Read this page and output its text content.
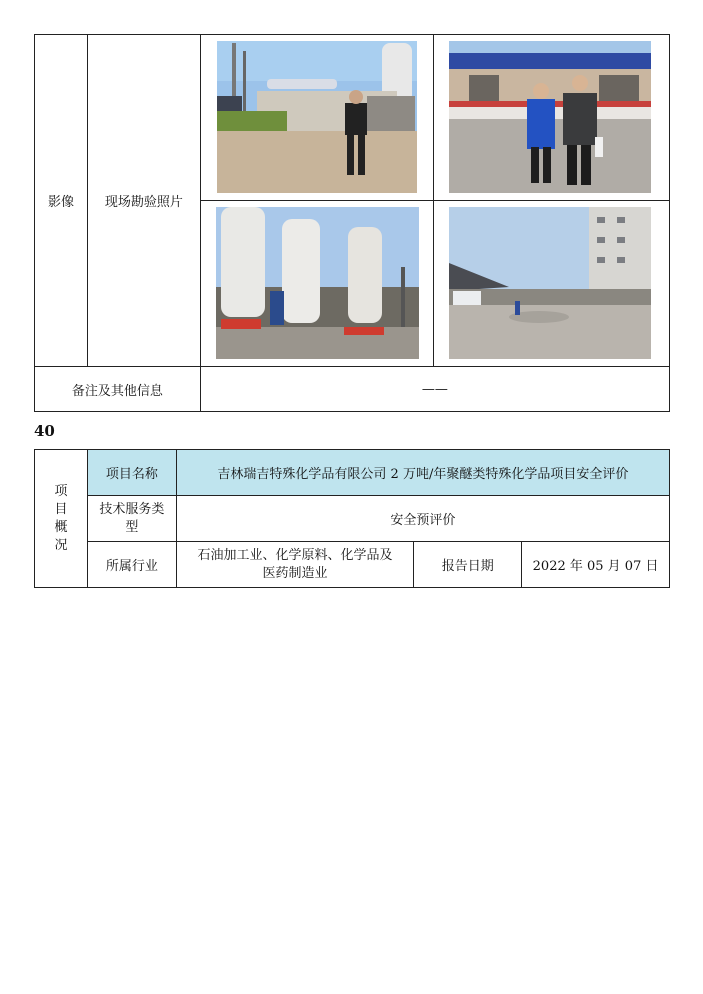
影像	现场勘验照片	

备注及其他信息		——	
40
项
目
概
况	项目名称	吉林瑞吉特殊化学品有限公司 2 万吨/年聚醚类特殊化学品项目安全评价		
	技术服务类
型	安全预评价		
	所属行业	石油加工业、化学原料、化学品及
医药制造业	报告日期	2022 年 05 月 07 日
